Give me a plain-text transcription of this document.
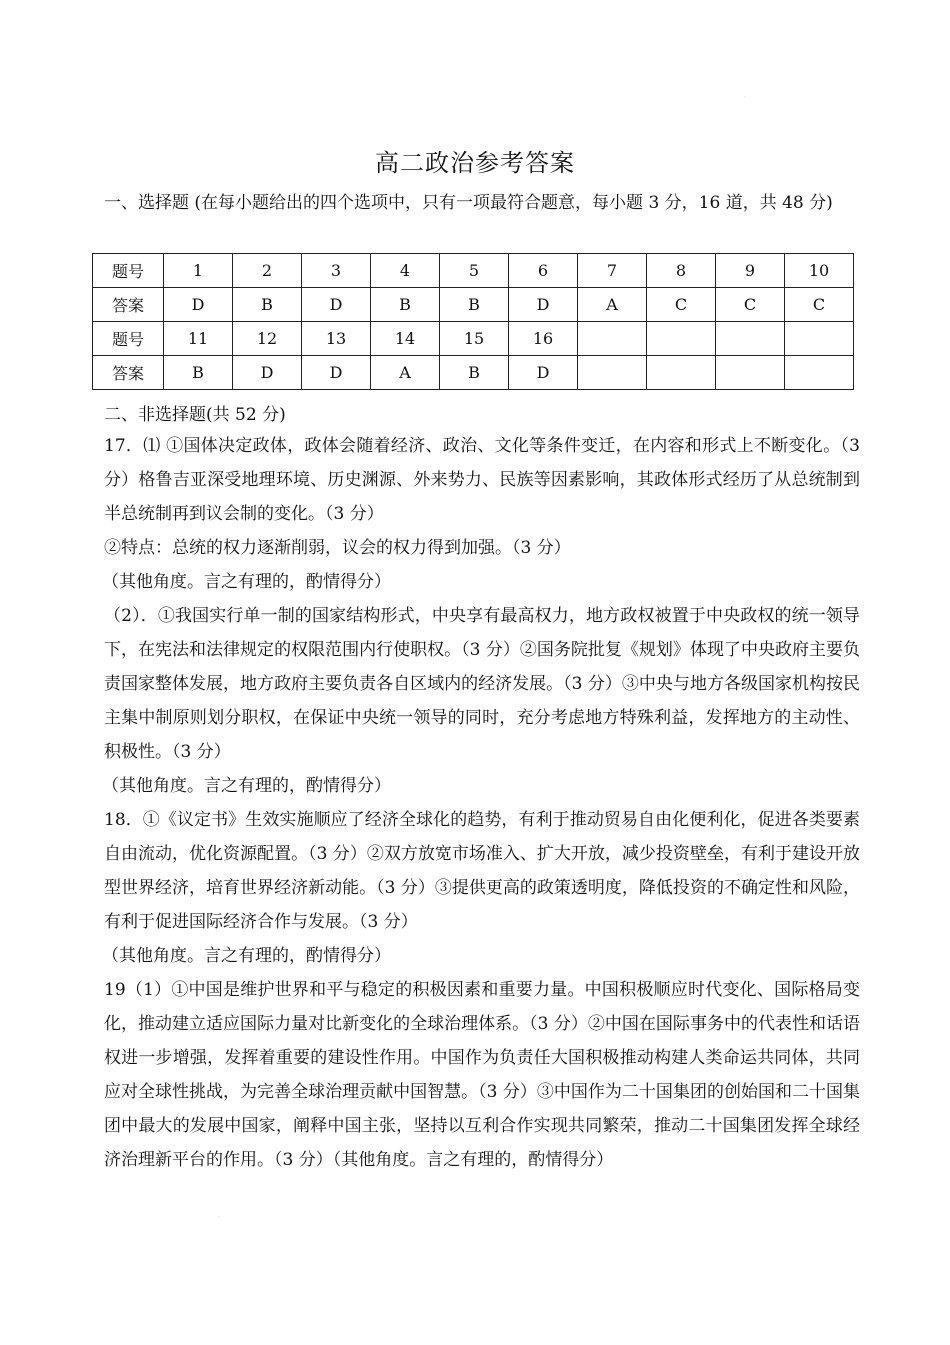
高二政治参考答案
一、选择题 (在每小题给出的四个选项中，只有一项最符合题意，每小题 3 分，16 道，共 48 分)
题号	1	2	3	4	5	6	7	8	9	10
答案	D	B	D	B	B	D	A	C	C	C
题号	11	12	13	14	15	16				
答案	B	D	D	A	B	D				
二、非选择题(共 52 分)

17．⑴ ①国体决定政体，政体会随着经济、政治、文化等条件变迁，在内容和形式上不断变化。（3 分）格鲁吉亚深受地理环境、历史渊源、外来势力、民族等因素影响，其政体形式经历了从总统制到半总统制再到议会制的变化。（3 分）

②特点：总统的权力逐渐削弱，议会的权力得到加强。（3 分）

（其他角度。言之有理的，酌情得分）

（2）．①我国实行单一制的国家结构形式，中央享有最高权力，地方政权被置于中央政权的统一领导下，在宪法和法律规定的权限范围内行使职权。（3 分）②国务院批复《规划》体现了中央政府主要负责国家整体发展，地方政府主要负责各自区域内的经济发展。（3 分）③中央与地方各级国家机构按民主集中制原则划分职权，在保证中央统一领导的同时，充分考虑地方特殊利益，发挥地方的主动性、积极性。（3 分）

（其他角度。言之有理的，酌情得分）

18．①《议定书》生效实施顺应了经济全球化的趋势，有利于推动贸易自由化便利化，促进各类要素自由流动，优化资源配置。（3 分）②双方放宽市场准入、扩大开放，减少投资壁垒，有利于建设开放型世界经济，培育世界经济新动能。（3 分）③提供更高的政策透明度，降低投资的不确定性和风险，有利于促进国际经济合作与发展。（3 分）

（其他角度。言之有理的，酌情得分）

19（1）①中国是维护世界和平与稳定的积极因素和重要力量。中国积极顺应时代变化、国际格局变化，推动建立适应国际力量对比新变化的全球治理体系。（3 分）②中国在国际事务中的代表性和话语权进一步增强，发挥着重要的建设性作用。中国作为负责任大国积极推动构建人类命运共同体，共同应对全球性挑战，为完善全球治理贡献中国智慧。（3 分）③中国作为二十国集团的创始国和二十国集团中最大的发展中国家，阐释中国主张，坚持以互利合作实现共同繁荣，推动二十国集团发挥全球经济治理新平台的作用。（3 分）（其他角度。言之有理的，酌情得分）

.
.
